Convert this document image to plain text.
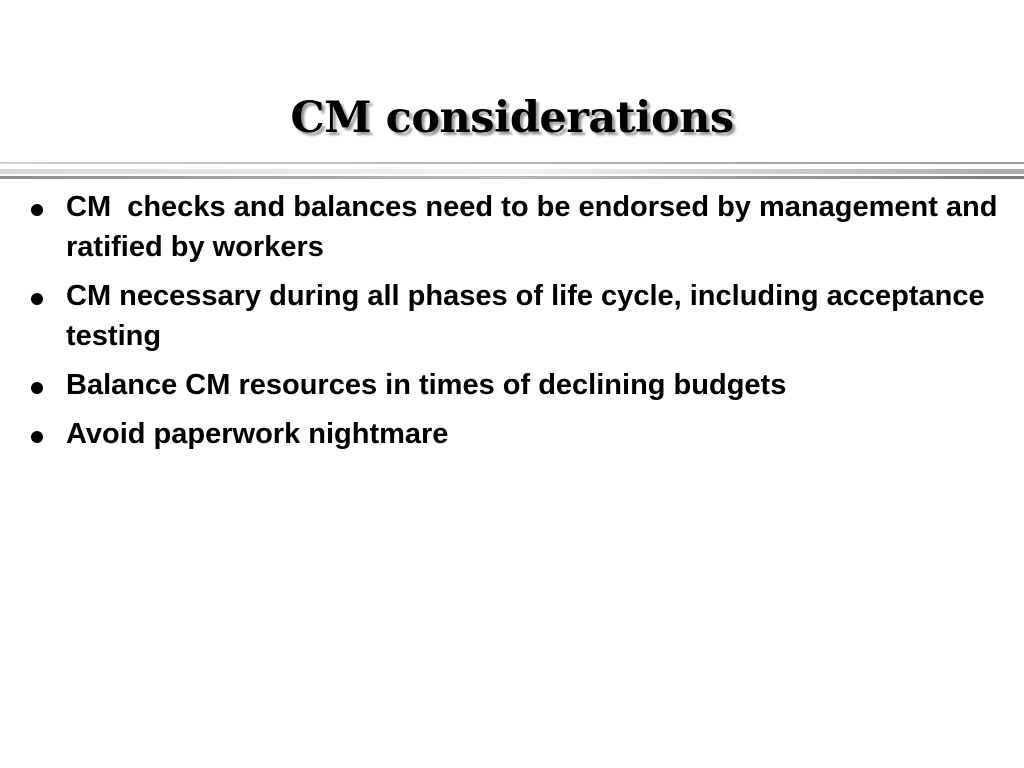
CM considerations
CM  checks and balances need to be endorsed by management and ratified by workers
CM necessary during all phases of life cycle, including acceptance testing
Balance CM resources in times of declining budgets
Avoid paperwork nightmare
